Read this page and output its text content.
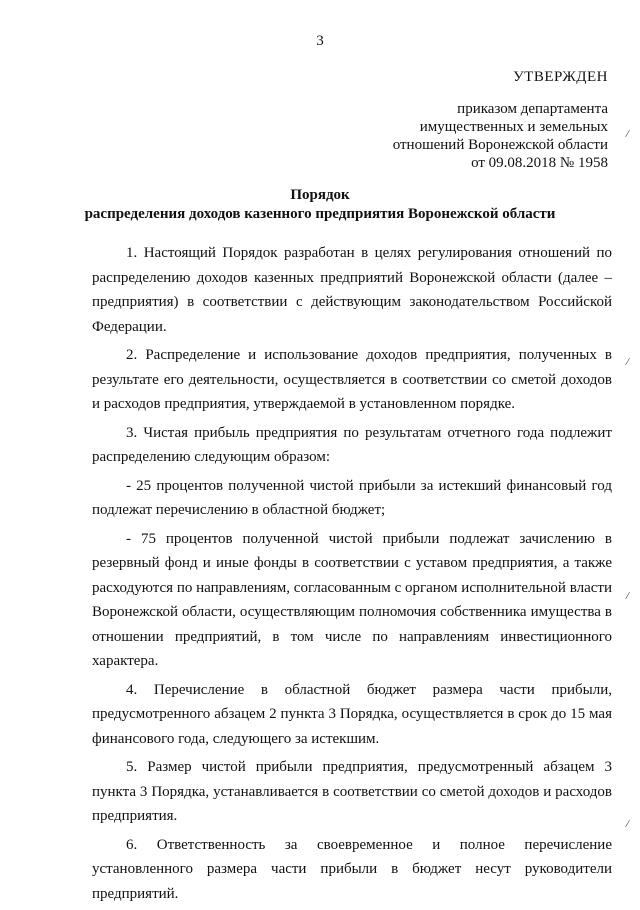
3
УТВЕРЖДЕН
приказом департамента
имущественных и земельных
отношений Воронежской области
от 09.08.2018 № 1958
Порядок
распределения доходов казенного предприятия Воронежской области

1. Настоящий Порядок разработан в целях регулирования отношений по распределению доходов казенных предприятий Воронежской области (далее – предприятия) в соответствии с действующим законодательством Российской Федерации.

2. Распределение и использование доходов предприятия, полученных в результате его деятельности, осуществляется в соответствии со сметой доходов и расходов предприятия, утверждаемой в установленном порядке.

3. Чистая прибыль предприятия по результатам отчетного года подлежит распределению следующим образом:

- 25 процентов полученной чистой прибыли за истекший финансовый год подлежат перечислению в областной бюджет;

- 75 процентов полученной чистой прибыли подлежат зачислению в резервный фонд и иные фонды в соответствии с уставом предприятия, а также расходуются по направлениям, согласованным с органом исполнительной власти Воронежской области, осуществляющим полномочия собственника имущества в отношении предприятий, в том числе по направлениям инвестиционного характера.

4. Перечисление в областной бюджет размера части прибыли, предусмотренного абзацем 2 пункта 3 Порядка, осуществляется в срок до 15 мая финансового года, следующего за истекшим.

5. Размер чистой прибыли предприятия, предусмотренный абзацем 3 пункта 3 Порядка, устанавливается в соответствии со сметой доходов и расходов предприятия.

6. Ответственность за своевременное и полное перечисление установленного размера части прибыли в бюджет несут руководители предприятий.

/
/
/
/
